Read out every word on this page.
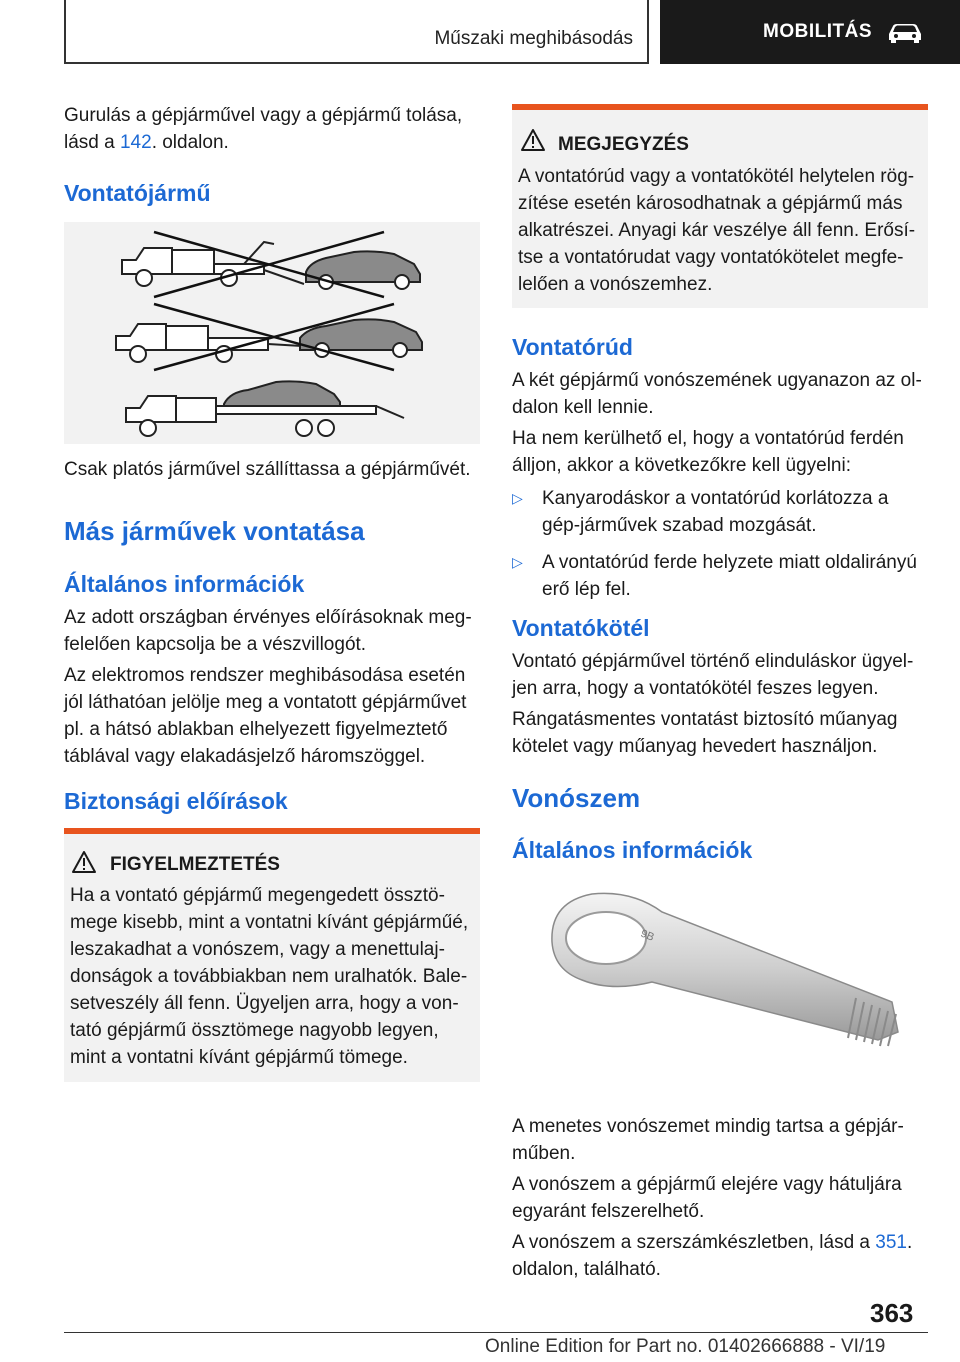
Műszaki meghibásodás	MOBILITÁS

Gurulás a gépjárművel vagy a gépjármű tolása, lásd a 142. oldalon.

Vontatójármű

Csak platós járművel szállíttassa a gépjárművét.

Más járművek vontatása
Általános információk

Az adott országban érvényes előírásoknak meg-felelően kapcsolja be a vészvillogót.

Az elektromos rendszer meghibásodása esetén jól láthatóan jelölje meg a vontatott gépjárművet pl. a hátsó ablakban elhelyezett figyelmeztető táblával vagy elakadásjelző háromszöggel.

Biztonsági előírások
FIGYELMEZTETÉS

Ha a vontató gépjármű megengedett össztö-mege kisebb, mint a vontatni kívánt gépjárműé, leszakadhat a vonószem, vagy a menettulaj-donságok a továbbiakban nem uralhatók. Bale-setveszély áll fenn. Ügyeljen arra, hogy a von-tató gépjármű össztömege nagyobb legyen, mint a vontatni kívánt gépjármű tömege.

MEGJEGYZÉS

A vontatórúd vagy a vontatókötél helytelen rög-zítése esetén károsodhatnak a gépjármű más alkatrészei. Anyagi kár veszélye áll fenn. Erősí-tse a vontatórudat vagy vontatókötelet megfe-lelően a vonószemhez.

Vontatórúd

A két gépjármű vonószemének ugyanazon az ol-dalon kell lennie.

Ha nem kerülhető el, hogy a vontatórúd ferdén álljon, akkor a következőkre kell ügyelni:

▷ Kanyarodáskor a vontatórúd korlátozza a gép-járművek szabad mozgását.
▷ A vontatórúd ferde helyzete miatt oldalirányú erő lép fel.
Vontatókötél

Vontató gépjárművel történő elinduláskor ügyel-jen arra, hogy a vontatókötél feszes legyen.

Rángatásmentes vontatást biztosító műanyag kötelet vagy műanyag hevedert használjon.

Vonószem
Általános információk
9B

A menetes vonószemet mindig tartsa a gépjár-műben.

A vonószem a gépjármű elejére vagy hátuljára egyaránt felszerelhető.

A vonószem a szerszámkészletben, lásd a 351. oldalon, található.

363
Online Edition for Part no. 01402666888 - VI/19
